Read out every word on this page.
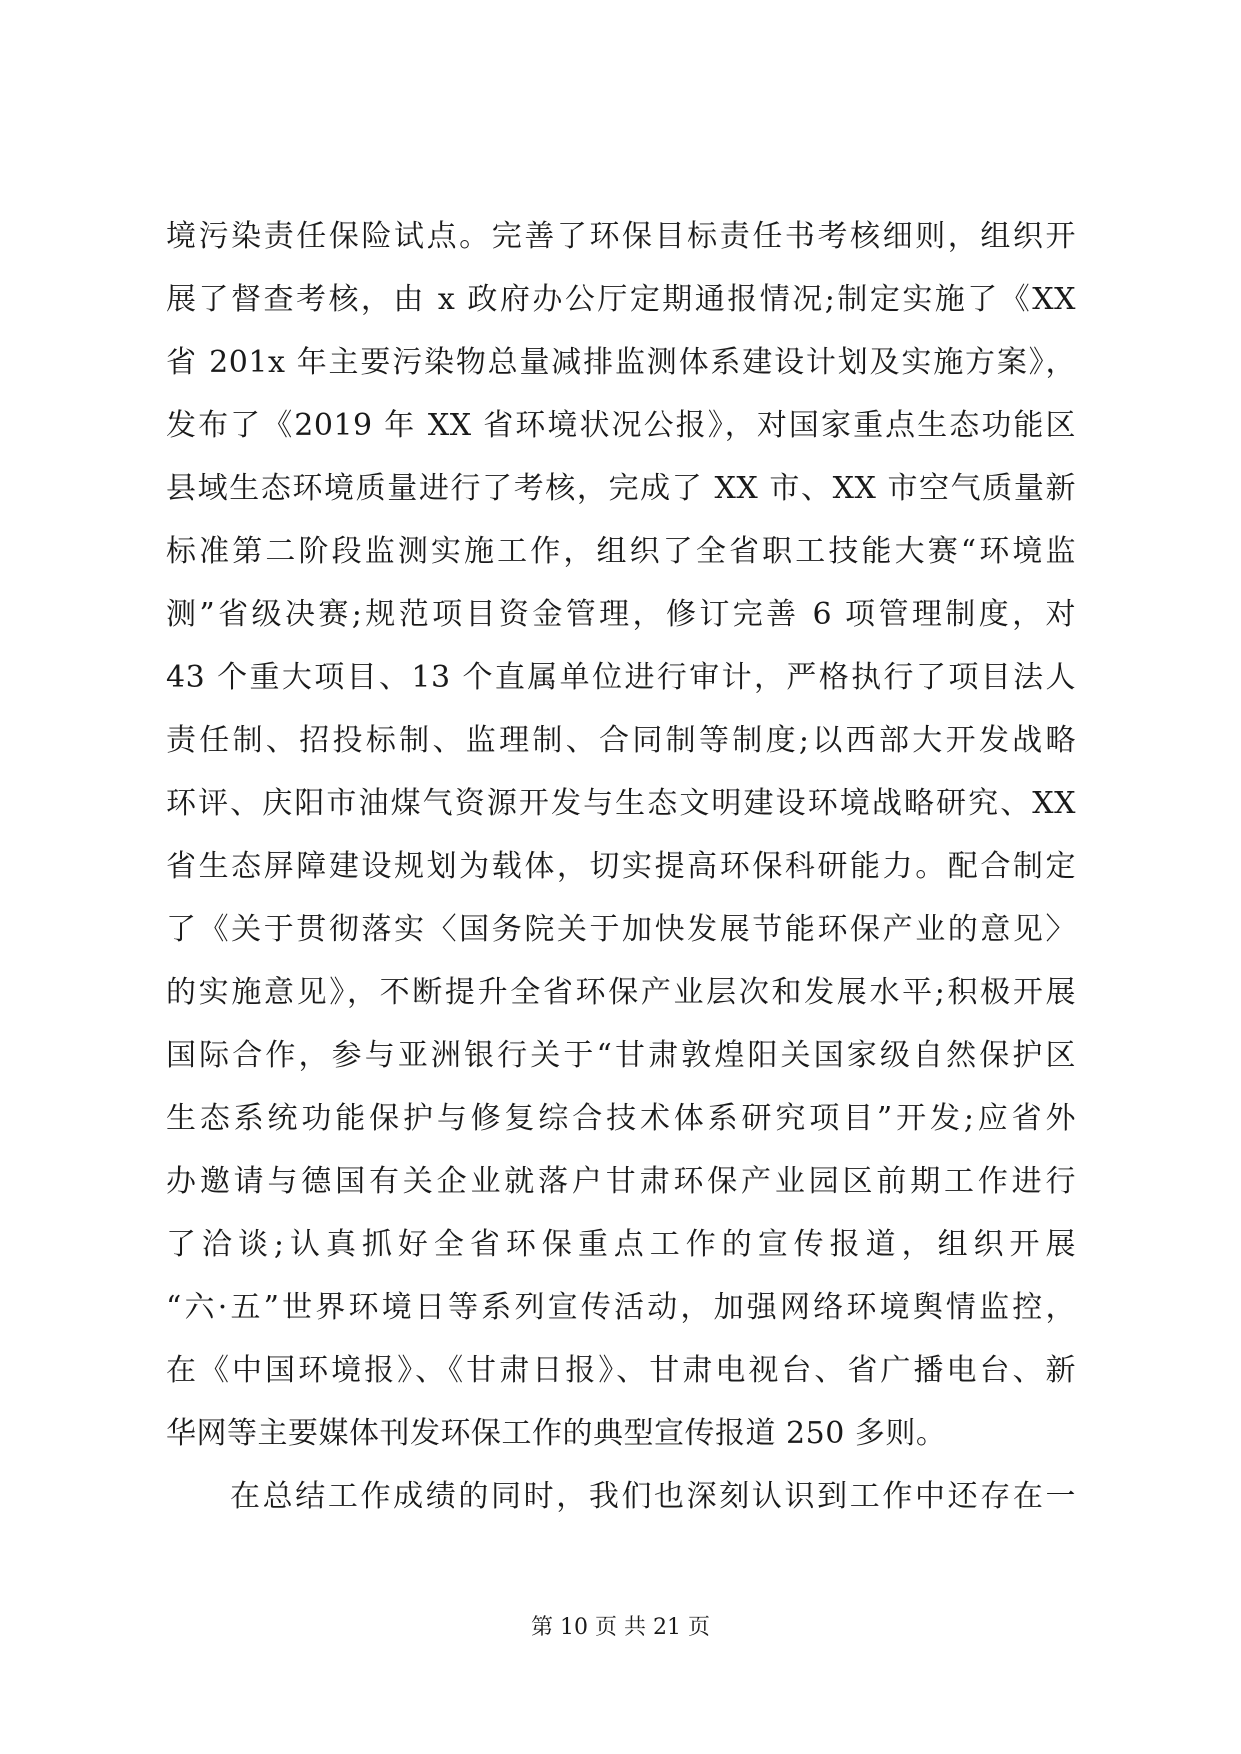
境污染责任保险试点。完善了环保目标责任书考核细则，组织开
展了督查考核，由 x 政府办公厅定期通报情况;制定实施了《XX
省 201x 年主要污染物总量减排监测体系建设计划及实施方案》，
发布了《2019 年 XX 省环境状况公报》，对国家重点生态功能区
县域生态环境质量进行了考核，完成了 XX 市、XX 市空气质量新
标准第二阶段监测实施工作，组织了全省职工技能大赛“环境监
测”省级决赛;规范项目资金管理，修订完善 6 项管理制度，对
43 个重大项目、13 个直属单位进行审计，严格执行了项目法人
责任制、招投标制、监理制、合同制等制度;以西部大开发战略
环评、庆阳市油煤气资源开发与生态文明建设环境战略研究、XX
省生态屏障建设规划为载体，切实提高环保科研能力。配合制定
了《关于贯彻落实〈国务院关于加快发展节能环保产业的意见〉
的实施意见》，不断提升全省环保产业层次和发展水平;积极开展
国际合作，参与亚洲银行关于“甘肃敦煌阳关国家级自然保护区
生态系统功能保护与修复综合技术体系研究项目”开发;应省外
办邀请与德国有关企业就落户甘肃环保产业园区前期工作进行
了洽谈;认真抓好全省环保重点工作的宣传报道，组织开展
“六·五”世界环境日等系列宣传活动，加强网络环境舆情监控，
在《中国环境报》、《甘肃日报》、甘肃电视台、省广播电台、新
华网等主要媒体刊发环保工作的典型宣传报道 250 多则。
在总结工作成绩的同时，我们也深刻认识到工作中还存在一
第 10 页 共 21 页
